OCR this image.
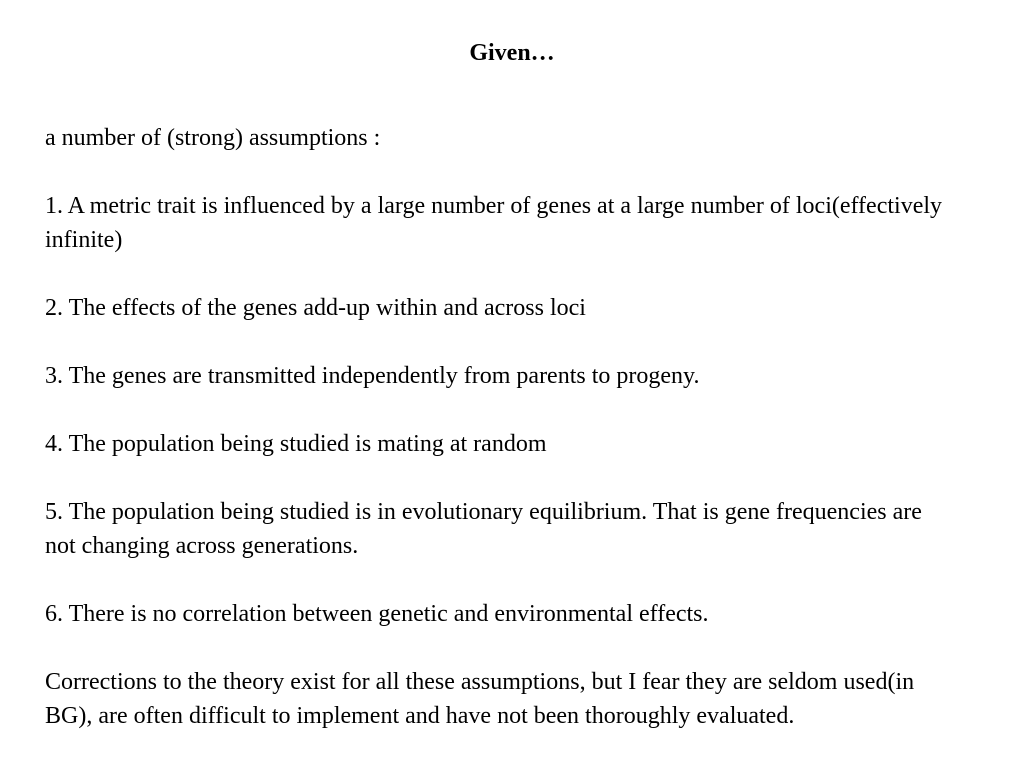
Given…

a number of (strong) assumptions :

1. A metric trait is influenced by a large number of genes at a large number of loci(effectively infinite)

2. The effects of the genes add-up within and across loci

3. The genes are transmitted independently from parents to progeny.

4. The population being studied is mating at random

5. The population being studied is in evolutionary equilibrium. That is gene frequencies are not changing across generations.

6. There is no correlation between genetic and environmental effects.

Corrections to the theory exist for all these assumptions, but I fear they are seldom used(in BG), are often difficult to implement and have not been thoroughly evaluated.
